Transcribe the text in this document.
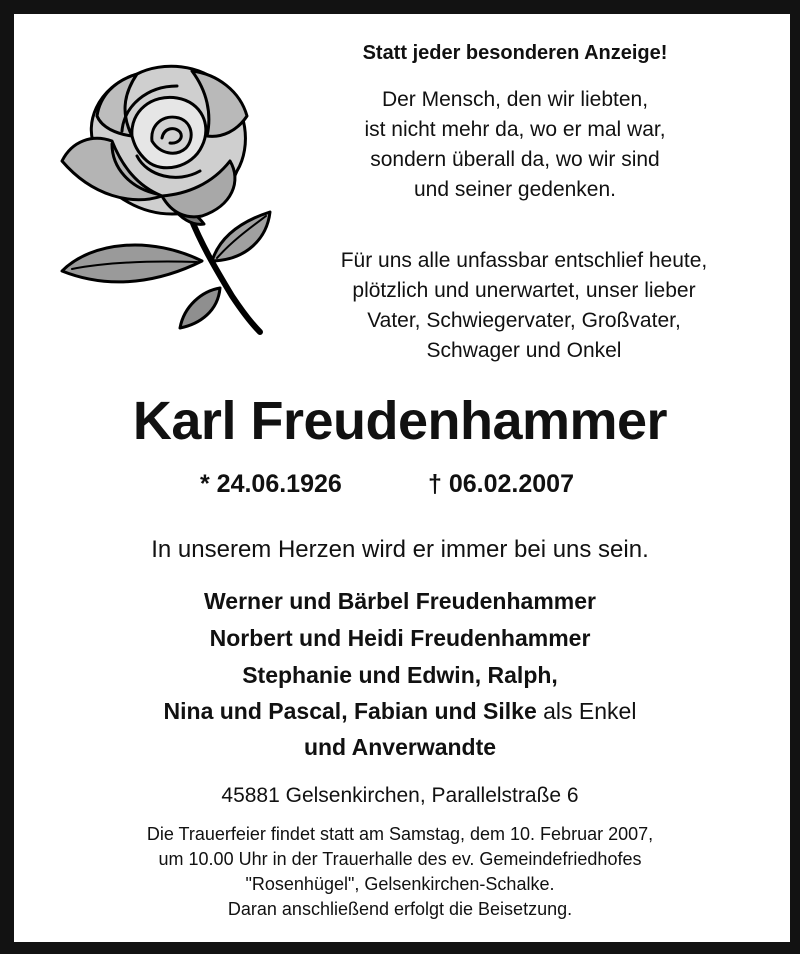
Statt jeder besonderen Anzeige!
Der Mensch, den wir liebten,
ist nicht mehr da, wo er mal war,
sondern überall da, wo wir sind
und seiner gedenken.
Für uns alle unfassbar entschlief heute,
plötzlich und unerwartet, unser lieber
Vater, Schwiegervater, Großvater,
Schwager und Onkel
Karl Freudenhammer
* 24.06.1926	† 06.02.2007
In unserem Herzen wird er immer bei uns sein.
Werner und Bärbel Freudenhammer
Norbert und Heidi Freudenhammer
Stephanie und Edwin, Ralph,
Nina und Pascal, Fabian und Silke als Enkel
und Anverwandte
45881 Gelsenkirchen, Parallelstraße 6
Die Trauerfeier findet statt am Samstag, dem 10. Februar 2007,
um 10.00 Uhr in der Trauerhalle des ev. Gemeindefriedhofes
"Rosenhügel", Gelsenkirchen-Schalke.
Daran anschließend erfolgt die Beisetzung.
